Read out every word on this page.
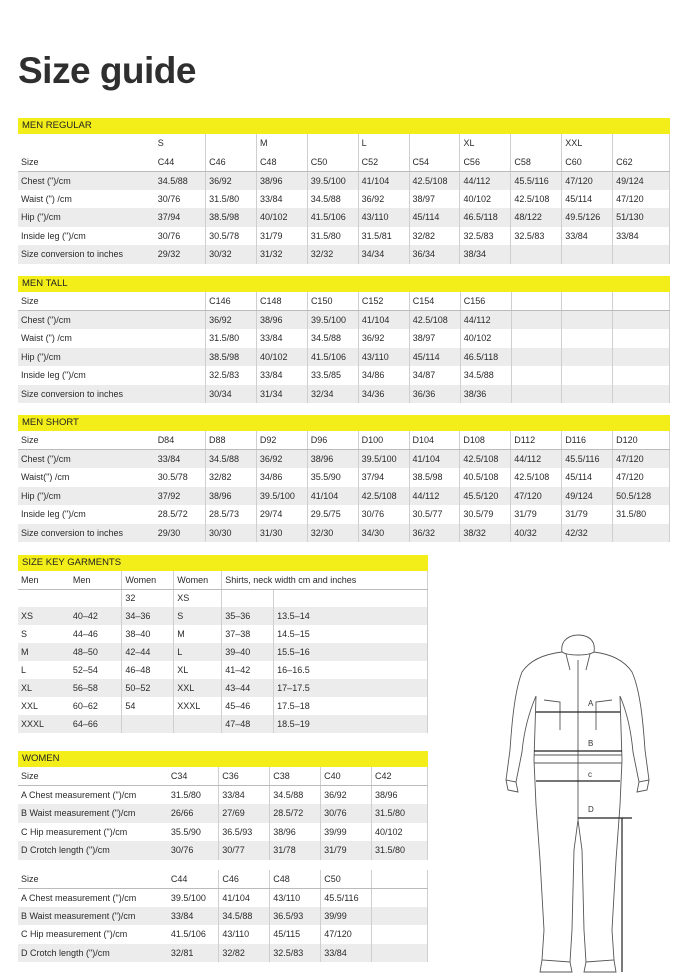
Size guide
MEN REGULAR
	S		M		L		XL		XXL	
Size	C44	C46	C48	C50	C52	C54	C56	C58	C60	C62
Chest (")/cm	34.5/88	36/92	38/96	39.5/100	41/104	42.5/108	44/112	45.5/116	47/120	49/124
Waist (") /cm	30/76	31.5/80	33/84	34.5/88	36/92	38/97	40/102	42.5/108	45/114	47/120
Hip (")/cm	37/94	38.5/98	40/102	41.5/106	43/110	45/114	46.5/118	48/122	49.5/126	51/130
Inside leg (")/cm	30/76	30.5/78	31/79	31.5/80	31.5/81	32/82	32.5/83	32.5/83	33/84	33/84
Size conversion to inches	29/32	30/32	31/32	32/32	34/34	36/34	38/34			
MEN TALL
Size		C146	C148	C150	C152	C154	C156			
Chest (")/cm		36/92	38/96	39.5/100	41/104	42.5/108	44/112			
Waist (") /cm		31.5/80	33/84	34.5/88	36/92	38/97	40/102			
Hip (")/cm		38.5/98	40/102	41.5/106	43/110	45/114	46.5/118			
Inside leg (")/cm		32.5/83	33/84	33.5/85	34/86	34/87	34.5/88			
Size conversion to inches		30/34	31/34	32/34	34/36	36/36	38/36			
MEN SHORT
Size	D84	D88	D92	D96	D100	D104	D108	D112	D116	D120
Chest (")/cm	33/84	34.5/88	36/92	38/96	39.5/100	41/104	42.5/108	44/112	45.5/116	47/120
Waist(") /cm	30.5/78	32/82	34/86	35.5/90	37/94	38.5/98	40.5/108	42.5/108	45/114	47/120
Hip (")/cm	37/92	38/96	39.5/100	41/104	42.5/108	44/112	45.5/120	47/120	49/124	50.5/128
Inside leg (")/cm	28.5/72	28.5/73	29/74	29.5/75	30/76	30.5/77	30.5/79	31/79	31/79	31.5/80
Size conversion to inches	29/30	30/30	31/30	32/30	34/30	36/32	38/32	40/32	42/32	
SIZE KEY GARMENTS
Men	Men	Women	Women	Shirts, neck width cm and inches	
		32	XS		
XS	40–42	34–36	S	35–36	13.5–14
S	44–46	38–40	M	37–38	14.5–15
M	48–50	42–44	L	39–40	15.5–16
L	52–54	46–48	XL	41–42	16–16.5
XL	56–58	50–52	XXL	43–44	17–17.5
XXL	60–62	54	XXXL	45–46	17.5–18
XXXL	64–66			47–48	18.5–19
WOMEN
Size	C34	C36	C38	C40	C42
A Chest measurement (")/cm	31.5/80	33/84	34.5/88	36/92	38/96
B Waist measurement (")/cm	26/66	27/69	28.5/72	30/76	31.5/80
C Hip measurement (")/cm	35.5/90	36.5/93	38/96	39/99	40/102
D Crotch length (")/cm	30/76	30/77	31/78	31/79	31.5/80
Size	C44	C46	C48	C50	
A Chest measurement (")/cm	39.5/100	41/104	43/110	45.5/116	
B Waist measurement (")/cm	33/84	34.5/88	36.5/93	39/99	
C Hip measurement (")/cm	41.5/106	43/110	45/115	47/120	
D Crotch length (")/cm	32/81	32/82	32.5/83	33/84	
A
B
c
D
